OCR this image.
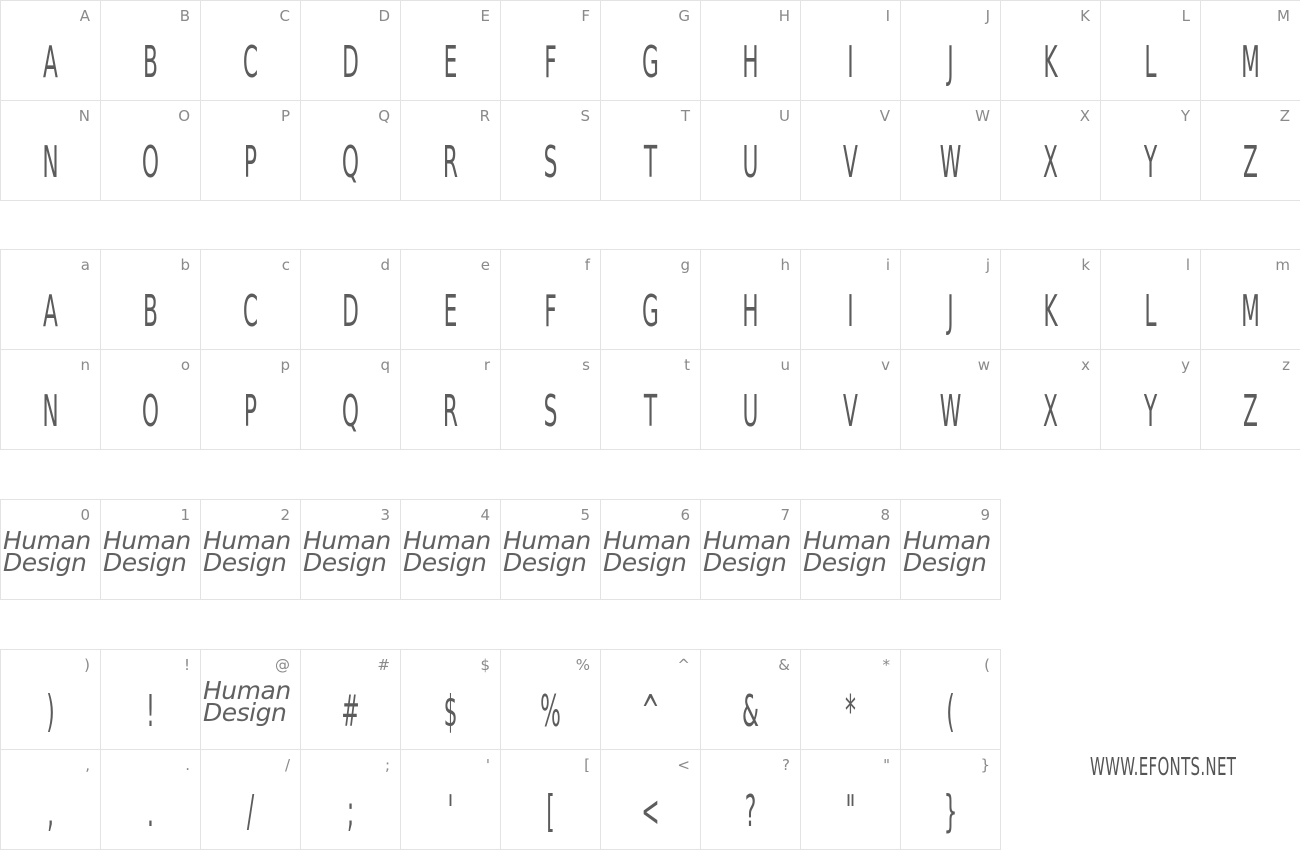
A
A
B
B
C
C
D
D
E
E
F
F
G
G
H
H
I
I
J
J
K
K
L
L
M
M
N
N
O
O
P
P
Q
Q
R
R
S
S
T
T
U
U
V
V
W
W
X
X
Y
Y
Z
Z
a
A
b
B
c
C
d
D
e
E
f
F
g
G
h
H
i
I
j
J
k
K
l
L
m
M
n
N
o
O
p
P
q
Q
r
R
s
S
t
T
u
U
v
V
w
W
x
X
y
Y
z
Z
0
Human
Design
1
Human
Design
2
Human
Design
3
Human
Design
4
Human
Design
5
Human
Design
6
Human
Design
7
Human
Design
8
Human
Design
9
Human
Design
)
)
!
!
@
Human
Design
#
#
$
$
%
%
^
^
&
&
*
*
(
(
,
,
.
.
/
/
;
;
'
'
[
[
<
<
?
?
"
"
}
}
WWW.EFONTS.NET
